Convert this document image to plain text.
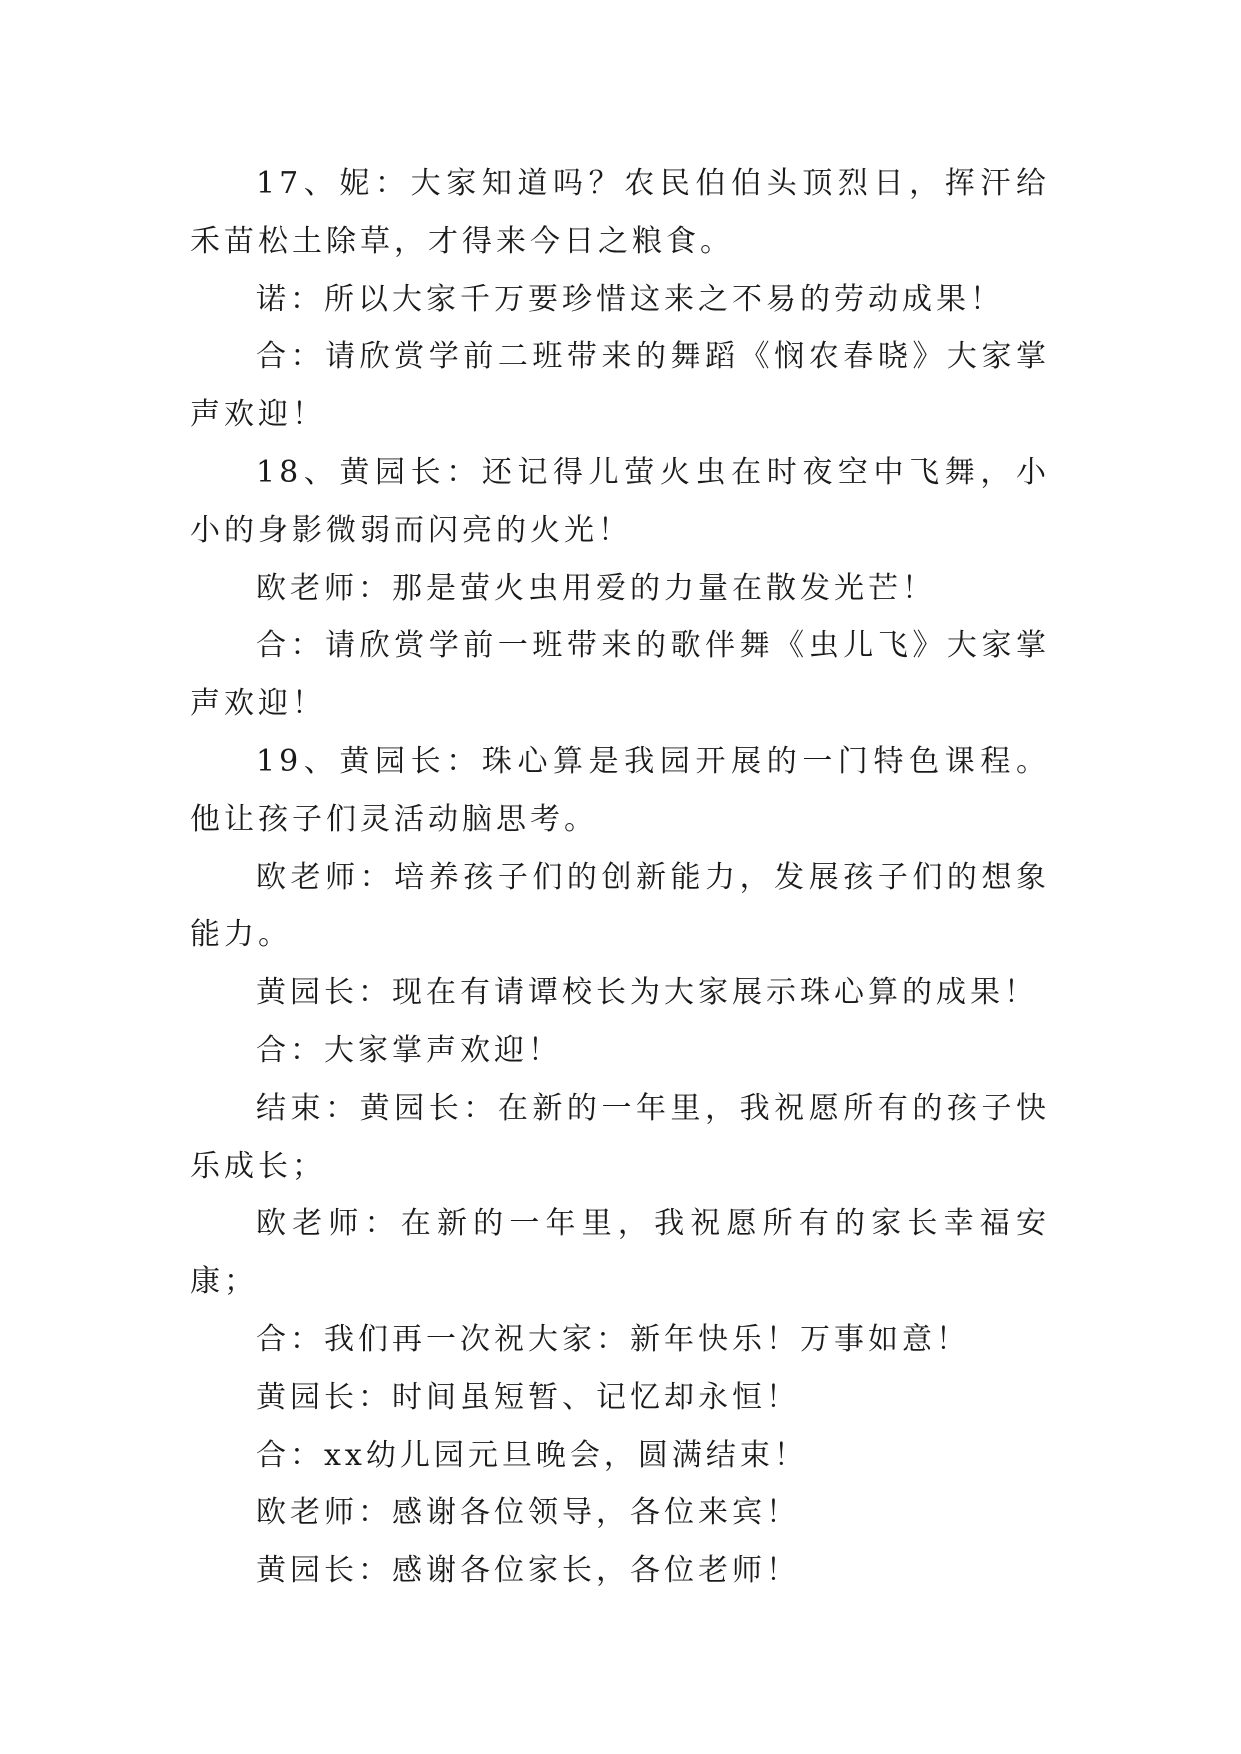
17、妮：大家知道吗？农民伯伯头顶烈日，挥汗给禾苗松土除草，才得来今日之粮食。

诺：所以大家千万要珍惜这来之不易的劳动成果！

合：请欣赏学前二班带来的舞蹈《悯农春晓》大家掌声欢迎！

18、黄园长：还记得儿萤火虫在时夜空中飞舞，小小的身影微弱而闪亮的火光！

欧老师：那是萤火虫用爱的力量在散发光芒！

合：请欣赏学前一班带来的歌伴舞《虫儿飞》大家掌声欢迎！

19、黄园长：珠心算是我园开展的一门特色课程。他让孩子们灵活动脑思考。

欧老师：培养孩子们的创新能力，发展孩子们的想象能力。

黄园长：现在有请谭校长为大家展示珠心算的成果！

合：大家掌声欢迎！

结束：黄园长：在新的一年里，我祝愿所有的孩子快乐成长；

欧老师：在新的一年里，我祝愿所有的家长幸福安康；

合：我们再一次祝大家：新年快乐！万事如意！

黄园长：时间虽短暂、记忆却永恒！

合：xx幼儿园元旦晚会，圆满结束！

欧老师：感谢各位领导，各位来宾！

黄园长：感谢各位家长，各位老师！
